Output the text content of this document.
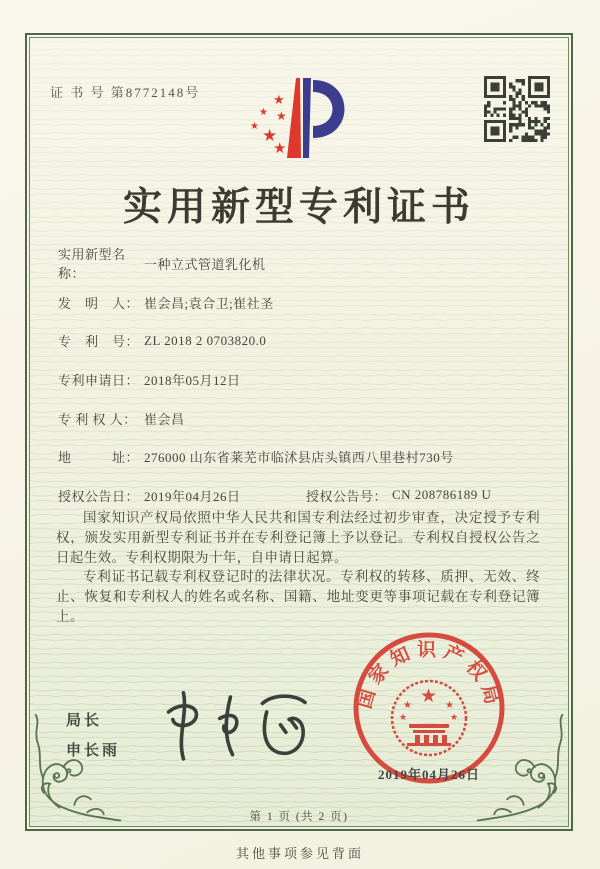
证 书 号 第8772148号
★
★ ★
★ ★
★
实用新型专利证书
实用新型名称：
一种立式管道乳化机
发　明　人： 崔会昌;袁合卫;崔社圣
专　利　号： ZL 2018 2 0703820.0
专利申请日： 2018年05月12日
专 利 权 人： 崔会昌
地　　　址： 276000 山东省莱芜市临沭县店头镇西八里巷村730号
授权公告日： 2019年04月26日	授权公告号： CN 208786189 U

国家知识产权局依照中华人民共和国专利法经过初步审查，决定授予专利权，颁发实用新型专利证书并在专利登记簿上予以登记。专利权自授权公告之日起生效。专利权期限为十年，自申请日起算。

专利证书记载专利权登记时的法律状况。专利权的转移、质押、无效、终止、恢复和专利权人的姓名或名称、国籍、地址变更等事项记载在专利登记簿上。

局长
申长雨
国家知识产权局
★
★	★
★	★
2019年04月26日
第 1 页 (共 2 页)
其他事项参见背面
